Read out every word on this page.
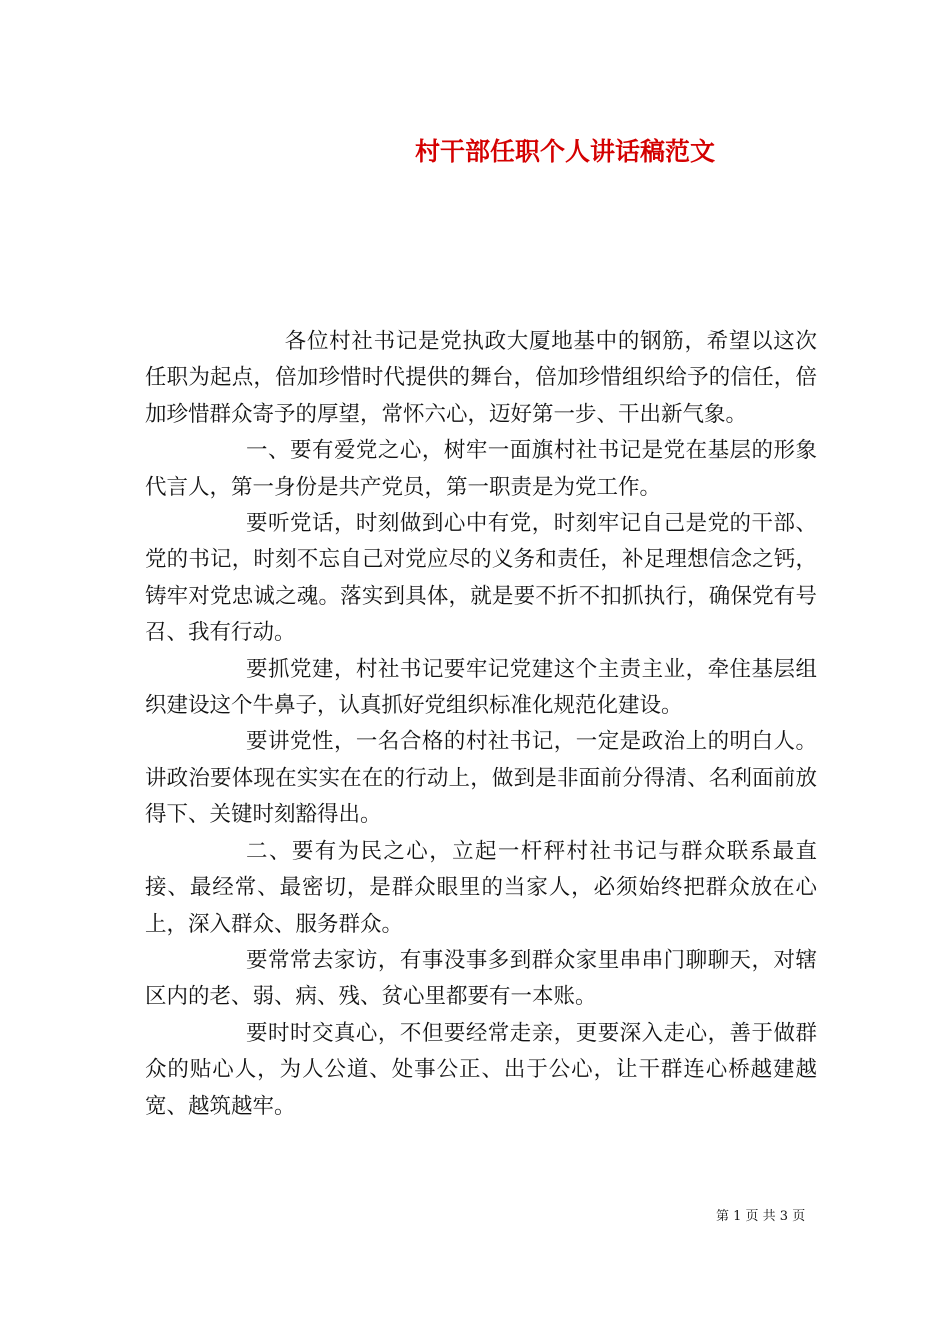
村干部任职个人讲话稿范文

各位村社书记是党执政大厦地基中的钢筋，希望以这次任职为起点，倍加珍惜时代提供的舞台，倍加珍惜组织给予的信任，倍加珍惜群众寄予的厚望，常怀六心，迈好第一步、干出新气象。

一、要有爱党之心，树牢一面旗村社书记是党在基层的形象代言人，第一身份是共产党员，第一职责是为党工作。

要听党话，时刻做到心中有党，时刻牢记自己是党的干部、党的书记，时刻不忘自己对党应尽的义务和责任，补足理想信念之钙，铸牢对党忠诚之魂。落实到具体，就是要不折不扣抓执行，确保党有号召、我有行动。

要抓党建，村社书记要牢记党建这个主责主业，牵住基层组织建设这个牛鼻子，认真抓好党组织标准化规范化建设。

要讲党性，一名合格的村社书记，一定是政治上的明白人。讲政治要体现在实实在在的行动上，做到是非面前分得清、名利面前放得下、关键时刻豁得出。

二、要有为民之心，立起一杆秤村社书记与群众联系最直接、最经常、最密切，是群众眼里的当家人，必须始终把群众放在心上，深入群众、服务群众。

要常常去家访，有事没事多到群众家里串串门聊聊天，对辖区内的老、弱、病、残、贫心里都要有一本账。

要时时交真心，不但要经常走亲，更要深入走心，善于做群众的贴心人，为人公道、处事公正、出于公心，让干群连心桥越建越宽、越筑越牢。

第 1 页 共 3 页
